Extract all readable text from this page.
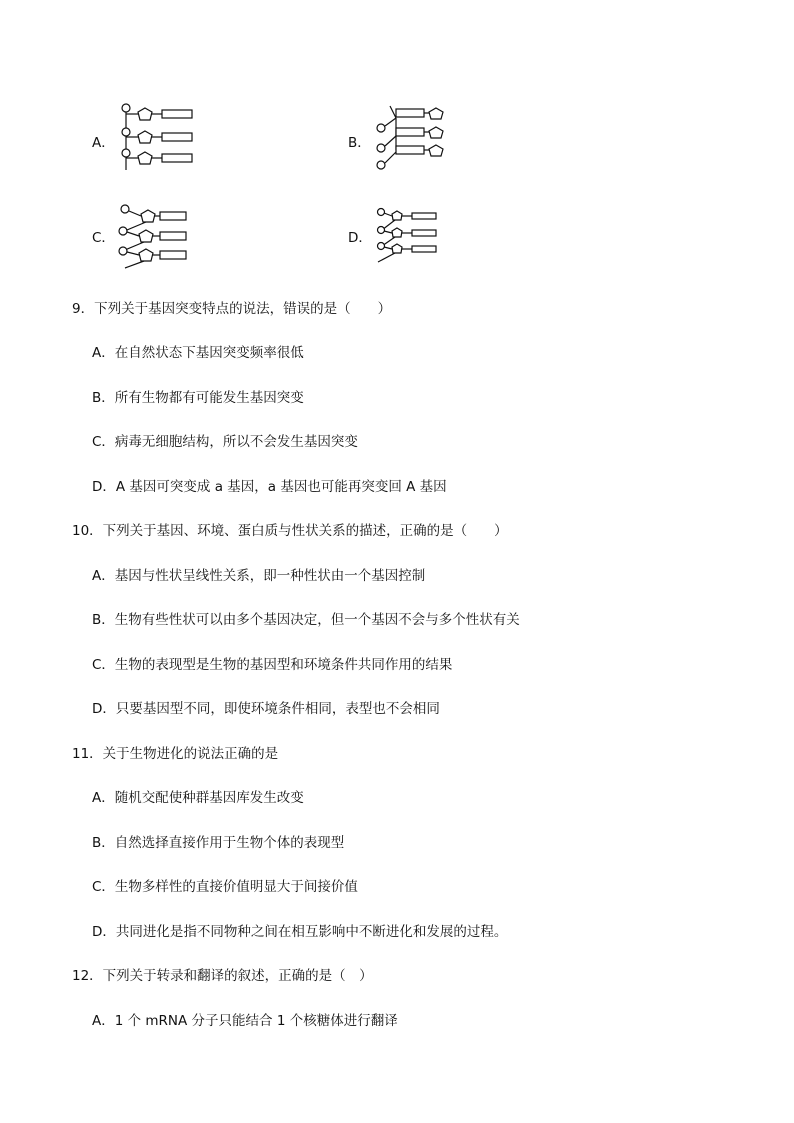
A．	B．
C．	D．
9．下列关于基因突变特点的说法，错误的是（　　）
A．在自然状态下基因突变频率很低
B．所有生物都有可能发生基因突变
C．病毒无细胞结构，所以不会发生基因突变
D．A 基因可突变成 a 基因，a 基因也可能再突变回 A 基因
10．下列关于基因、环境、蛋白质与性状关系的描述，正确的是（　　）
A．基因与性状呈线性关系，即一种性状由一个基因控制
B．生物有些性状可以由多个基因决定，但一个基因不会与多个性状有关
C．生物的表现型是生物的基因型和环境条件共同作用的结果
D．只要基因型不同，即使环境条件相同，表型也不会相同
11．关于生物进化的说法正确的是
A．随机交配使种群基因库发生改变
B．自然选择直接作用于生物个体的表现型
C．生物多样性的直接价值明显大于间接价值
D．共同进化是指不同物种之间在相互影响中不断进化和发展的过程。
12．下列关于转录和翻译的叙述，正确的是（　）
A．1 个 mRNA 分子只能结合 1 个核糖体进行翻译
